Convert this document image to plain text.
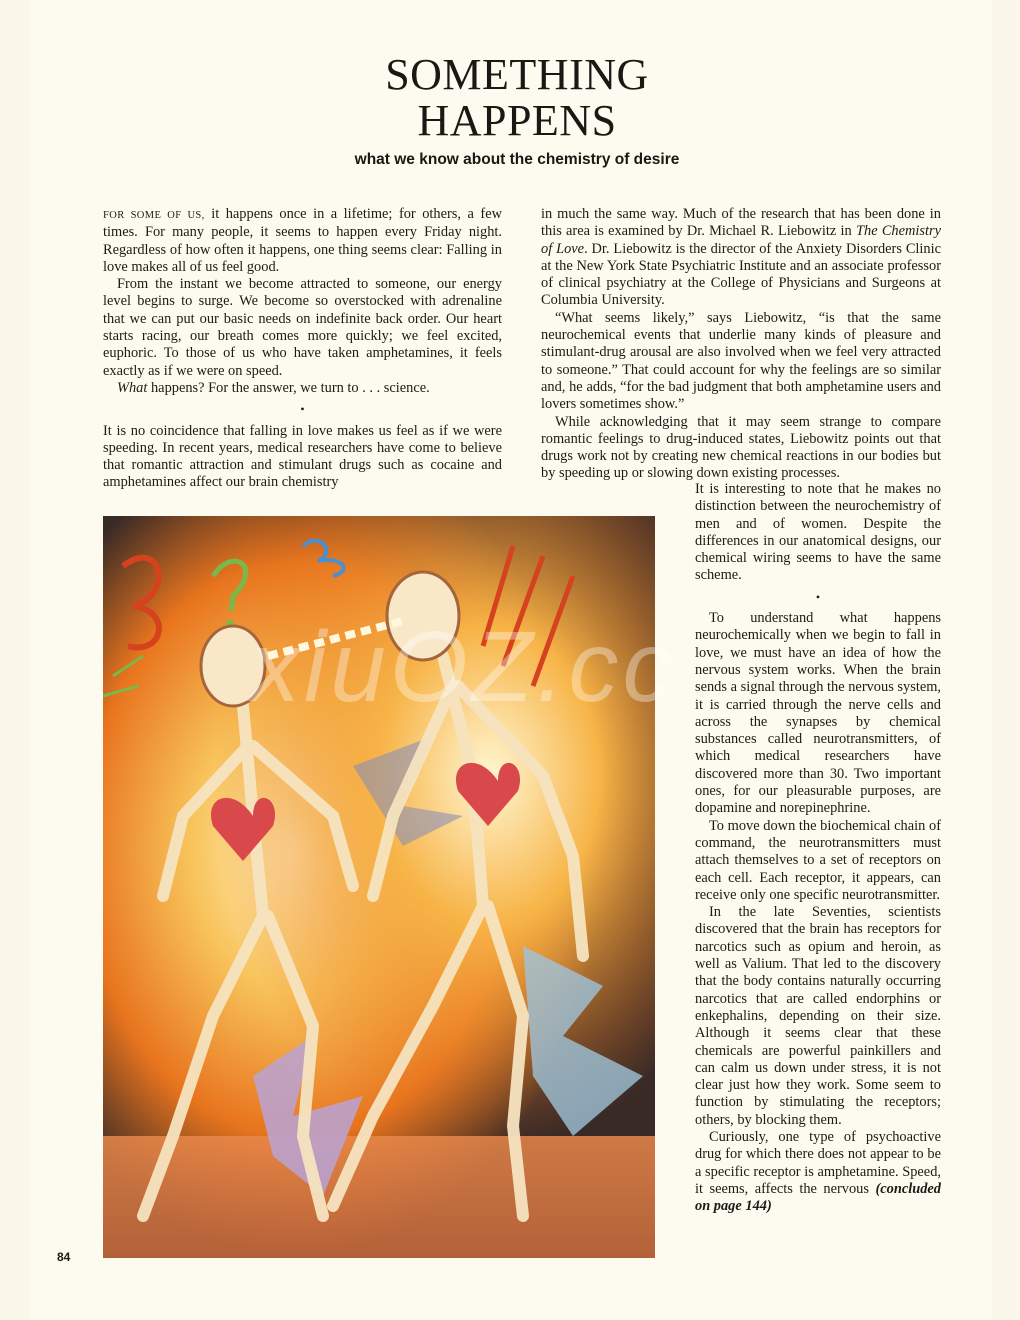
SOMETHING
HAPPENS
what we know about the chemistry of desire

FOR SOME OF US, it happens once in a lifetime; for others, a few times. For many people, it seems to happen every Friday night. Regardless of how often it happens, one thing seems clear: Falling in love makes all of us feel good.

From the instant we become attracted to someone, our energy level begins to surge. We become so overstocked with adrenaline that we can put our basic needs on indefinite back order. Our heart starts racing, our breath comes more quickly; we feel excited, euphoric. To those of us who have taken amphetamines, it feels exactly as if we were on speed.

What happens? For the answer, we turn to . . . science.

•

It is no coincidence that falling in love makes us feel as if we were speeding. In recent years, medical researchers have come to believe that romantic attraction and stimulant drugs such as cocaine and amphetamines affect our brain chemistry

in much the same way. Much of the research that has been done in this area is examined by Dr. Michael R. Liebowitz in The Chemistry of Love. Dr. Liebowitz is the director of the Anxiety Disorders Clinic at the New York State Psychiatric Institute and an associate professor of clinical psychiatry at the College of Physicians and Surgeons at Columbia University.

“What seems likely,” says Liebowitz, “is that the same neurochemical events that underlie many kinds of pleasure and stimulant-drug arousal are also involved when we feel very attracted to someone.” That could account for why the feelings are so similar and, he adds, “for the bad judgment that both amphetamine users and lovers sometimes show.”

While acknowledging that it may seem strange to compare romantic feelings to drug-induced states, Liebowitz points out that drugs work not by creating new chemical reactions in our bodies but by speeding up or slowing down existing processes.

It is interesting to note that he makes no distinction between the neurochemistry of men and of women. Despite the differences in our anatomical designs, our chemical wiring seems to have the same scheme.

•

To understand what happens neurochemically when we begin to fall in love, we must have an idea of how the nervous system works. When the brain sends a signal through the nervous system, it is carried through the nerve cells and across the synapses by chemical substances called neurotransmitters, of which medical researchers have discovered more than 30. Two important ones, for our pleasurable purposes, are dopamine and norepinephrine.

To move down the biochemical chain of command, the neurotransmitters must attach themselves to a set of receptors on each cell. Each receptor, it appears, can receive only one specific neurotransmitter.

In the late Seventies, scientists discovered that the brain has receptors for narcotics such as opium and heroin, as well as Valium. That led to the discovery that the body contains naturally occurring narcotics that are called endorphins or enkephalins, depending on their size. Although it seems clear that these chemicals are powerful painkillers and can calm us down under stress, it is not clear just how they work. Some seem to function by stimulating the receptors; others, by blocking them.

Curiously, one type of psychoactive drug for which there does not appear to be a specific receptor is amphetamine. Speed, it seems, affects the nervous (concluded on page 144)

xiuOZ.cc
84
